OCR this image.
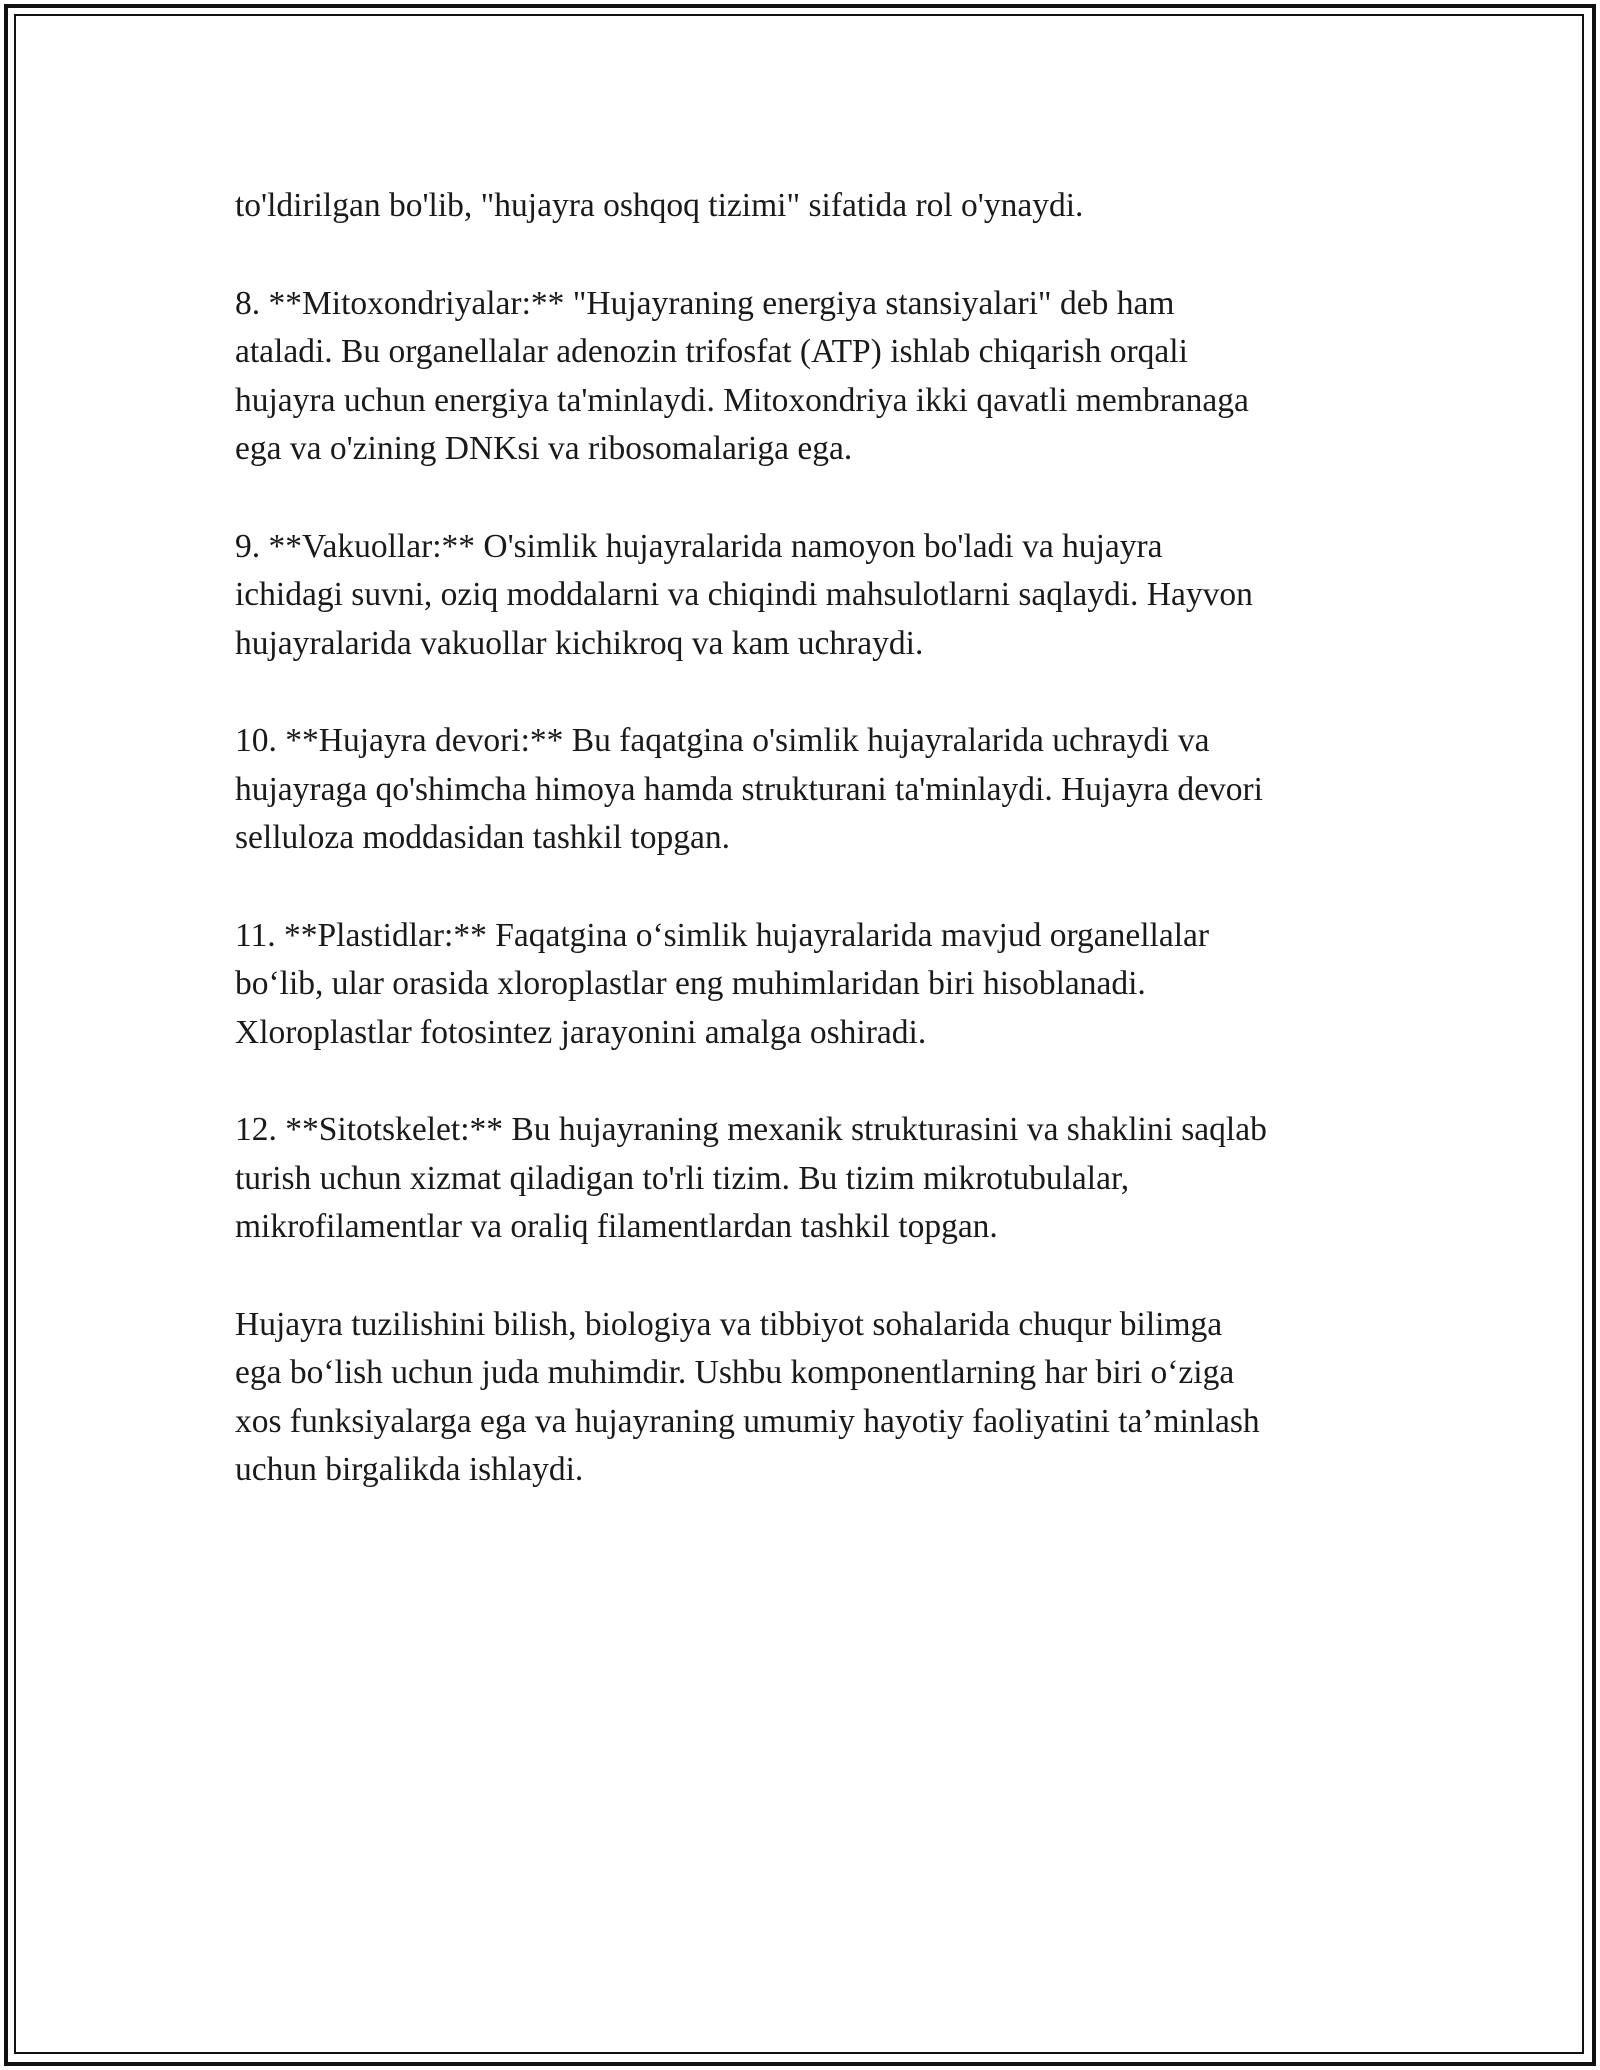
to'ldirilgan bo'lib, "hujayra oshqoq tizimi" sifatida rol o'ynaydi.

8. **Mitoxondriyalar:** "Hujayraning energiya stansiyalari" deb ham
ataladi. Bu organellalar adenozin trifosfat (ATP) ishlab chiqarish orqali
hujayra uchun energiya ta'minlaydi. Mitoxondriya ikki qavatli membranaga
ega va o'zining DNKsi va ribosomalariga ega.

9. **Vakuollar:** O'simlik hujayralarida namoyon bo'ladi va hujayra
ichidagi suvni, oziq moddalarni va chiqindi mahsulotlarni saqlaydi. Hayvon
hujayralarida vakuollar kichikroq va kam uchraydi.

10. **Hujayra devori:** Bu faqatgina o'simlik hujayralarida uchraydi va
hujayraga qo'shimcha himoya hamda strukturani ta'minlaydi. Hujayra devori
selluloza moddasidan tashkil topgan.

11. **Plastidlar:** Faqatgina o‘simlik hujayralarida mavjud organellalar
bo‘lib, ular orasida xloroplastlar eng muhimlaridan biri hisoblanadi.
Xloroplastlar fotosintez jarayonini amalga oshiradi.

12. **Sitotskelet:** Bu hujayraning mexanik strukturasini va shaklini saqlab
turish uchun xizmat qiladigan to'rli tizim. Bu tizim mikrotubulalar,
mikrofilamentlar va oraliq filamentlardan tashkil topgan.

Hujayra tuzilishini bilish, biologiya va tibbiyot sohalarida chuqur bilimga
ega bo‘lish uchun juda muhimdir. Ushbu komponentlarning har biri o‘ziga
xos funksiyalarga ega va hujayraning umumiy hayotiy faoliyatini ta’minlash
uchun birgalikda ishlaydi.
